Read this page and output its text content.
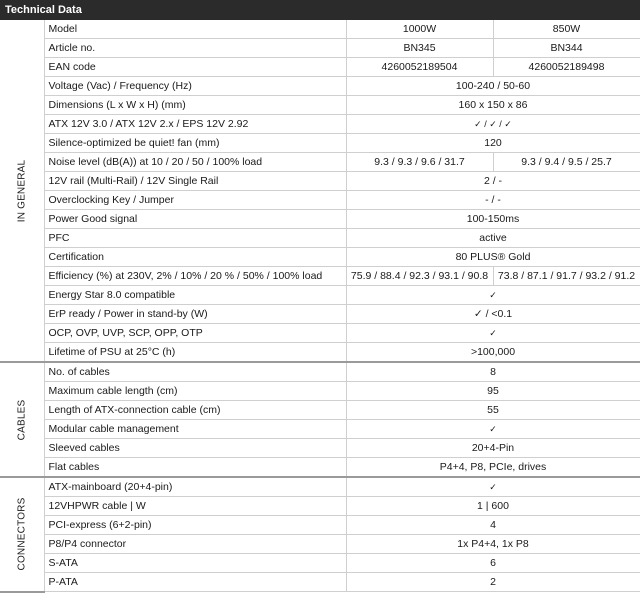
Technical Data
IN GENERAL	Model	1000W	850W
	Article no.	BN345	BN344
	EAN code	4260052189504	4260052189498
	Voltage (Vac) / Frequency (Hz)	100-240 / 50-60	
	Dimensions (L x W x H) (mm)	160 x 150 x 86	
	ATX 12V 3.0 / ATX 12V 2.x / EPS 12V 2.92	✓ / ✓ / ✓	
	Silence-optimized be quiet! fan (mm)	120	
	Noise level (dB(A)) at 10 / 20 / 50 / 100% load	9.3 / 9.3 / 9.6 / 31.7	9.3 / 9.4 / 9.5 / 25.7
	12V rail (Multi-Rail) / 12V Single Rail	2 / -	
	Overclocking Key / Jumper	- / -	
	Power Good signal	100-150ms	
	PFC	active	
	Certification	80 PLUS® Gold	
	Efficiency (%) at 230V, 2% / 10% / 20 % / 50% / 100% load	75.9 / 88.4 / 92.3 / 93.1 / 90.8	73.8 / 87.1 / 91.7 / 93.2 / 91.2
	Energy Star 8.0 compatible	✓	
	ErP ready / Power in stand-by (W)	✓ / <0.1	
	OCP, OVP, UVP, SCP, OPP, OTP	✓	
	Lifetime of PSU at 25°C (h)	>100,000	

CABLES	No. of cables	8	
	Maximum cable length (cm)	95	
	Length of ATX-connection cable (cm)	55	
	Modular cable management	✓	
	Sleeved cables	20+4-Pin	
	Flat cables	P4+4, P8, PCIe, drives	

CONNECTORS	ATX-mainboard (20+4-pin)	✓	
	12VHPWR cable | W	1 | 600	
	PCI-express (6+2-pin)	4	
	P8/P4 connector	1x P4+4, 1x P8	
	S-ATA	6	
	P-ATA	2	
